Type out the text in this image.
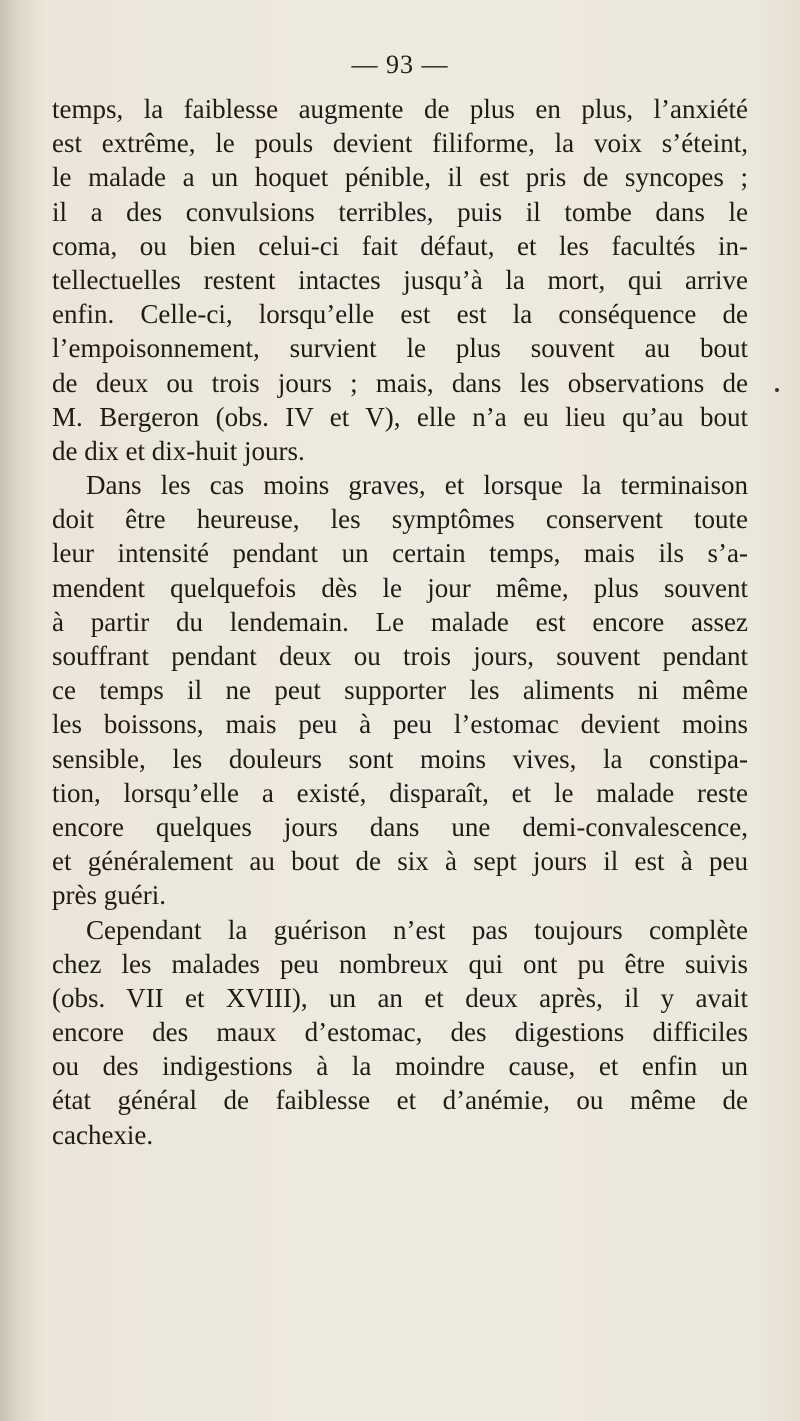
— 93 —
temps, la faiblesse augmente de plus en plus, l’anxiété
est extrême, le pouls devient filiforme, la voix s’éteint,
le malade a un hoquet pénible, il est pris de syncopes ;
il a des convulsions terribles, puis il tombe dans le
coma, ou bien celui-ci fait défaut, et les facultés in-
tellectuelles restent intactes jusqu’à la mort, qui arrive
enfin. Celle-ci, lorsqu’elle est est la conséquence de
l’empoisonnement, survient le plus souvent au bout
de deux ou trois jours ; mais, dans les observations de
M. Bergeron (obs. IV et V), elle n’a eu lieu qu’au bout
de dix et dix-huit jours.
Dans les cas moins graves, et lorsque la terminaison
doit être heureuse, les symptômes conservent toute
leur intensité pendant un certain temps, mais ils s’a-
mendent quelquefois dès le jour même, plus souvent
à partir du lendemain. Le malade est encore assez
souffrant pendant deux ou trois jours, souvent pendant
ce temps il ne peut supporter les aliments ni même
les boissons, mais peu à peu l’estomac devient moins
sensible, les douleurs sont moins vives, la constipa-
tion, lorsqu’elle a existé, disparaît, et le malade reste
encore quelques jours dans une demi-convalescence,
et généralement au bout de six à sept jours il est à peu
près guéri.
Cependant la guérison n’est pas toujours complète
chez les malades peu nombreux qui ont pu être suivis
(obs. VII et XVIII), un an et deux après, il y avait
encore des maux d’estomac, des digestions difficiles
ou des indigestions à la moindre cause, et enfin un
état général de faiblesse et d’anémie, ou même de
cachexie.
